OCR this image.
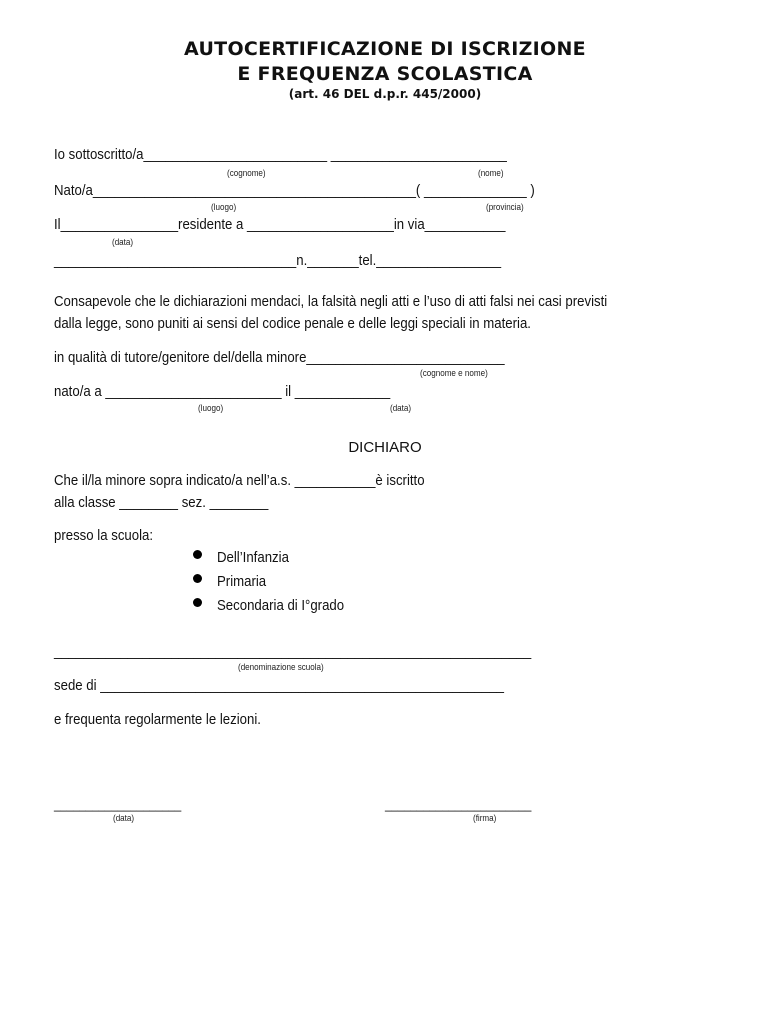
AUTOCERTIFICAZIONE DI ISCRIZIONE
E FREQUENZA SCOLASTICA
(art. 46 DEL d.p.r. 445/2000)
Io sottoscritto/a_________________________ ________________________
(cognome)	(nome)
Nato/a____________________________________________( ______________ )
(luogo)	(provincia)
Il________________residente a ____________________in via___________
(data)
_________________________________n._______tel._________________
Consapevole che le dichiarazioni mendaci, la falsità negli atti e l’uso di atti falsi nei casi previsti
dalla legge, sono puniti ai sensi del codice penale e delle leggi speciali in materia.
in qualità di tutore/genitore del/della minore___________________________
(cognome e nome)
nato/a a ________________________ il _____________
(luogo)	(data)
DICHIARO
Che il/la minore sopra indicato/a nell’a.s. ___________è iscritto
alla classe ________ sez. ________
presso la scuola:
Dell’Infanzia
Primaria
Secondaria di I°grado
_________________________________________________________________
(denominazione scuola)
sede di _______________________________________________________
e frequenta regolarmente le lezioni.
____________________
(data)
_______________________
(firma)
